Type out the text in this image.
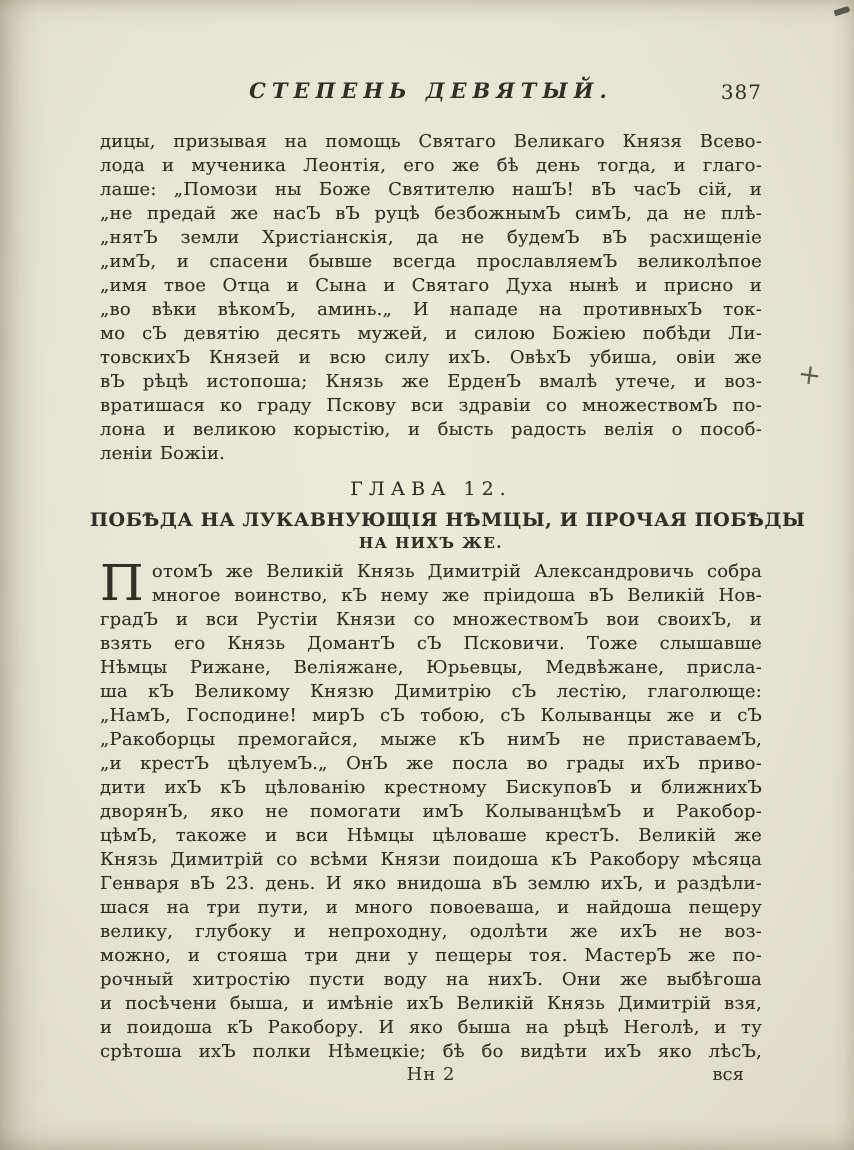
СТЕПЕНЬ ДЕВЯТЫЙ.	387
дицы, призывая на помощь Святаго Великаго Князя Всево-
лода и мученика Леонтія, его же бѣ день тогда, и глаго-
лаше: „Помози ны Боже Святителю нашЪ! вЪ часЪ сій, и
„не предай же насЪ вЪ руцѣ безбожнымЪ симЪ, да не плѣ-
„нятЪ земли Христіанскія, да не будемЪ вЪ расхищеніе
„имЪ, и спасени бывше всегда прославляемЪ великолѣпое
„имя твое Отца и Сына и Святаго Духа нынѣ и присно и
„во вѣки вѣкомЪ, аминь.„ И нападе на противныхЪ ток-
мо сЪ девятію десять мужей, и силою Божіею побѣди Ли-
товскихЪ Князей и всю силу ихЪ. ОвѣхЪ убиша, овіи же
вЪ рѣцѣ истопоша; Князь же ЕрденЪ вмалѣ утече, и воз-
вратишася ко граду Пскову вси здравіи со множествомЪ по-
лона и великою корыстію, и бысть радость велія о пособ-
леніи Божіи.
+
ГЛАВА 12.
ПОБѢДА НА ЛУКАВНУЮЩІЯ НѢМЦЫ, И ПРОЧАЯ ПОБѢДЫ
НА НИХЪ ЖЕ.
П отомЪ же Великій Князь Димитрій Александровичь собра
многое воинство, кЪ нему же пріидоша вЪ Великій Нов-
градЪ и вси Рустіи Князи со множествомЪ вои своихЪ, и
взять его Князь ДомантЪ сЪ Псковичи. Тоже слышавше
Нѣмцы Рижане, Веліяжане, Юрьевцы, Медвѣжане, присла-
ша кЪ Великому Князю Димитрію сЪ лестію, глаголюще:
„НамЪ, Господине! мирЪ сЪ тобою, сЪ Колыванцы же и сЪ
„Ракоборцы премогайся, мыже кЪ нимЪ не приставаемЪ,
„и крестЪ цѣлуемЪ.„ ОнЪ же посла во грады ихЪ приво-
дити ихЪ кЪ цѣлованію крестному БискуповЪ и ближнихЪ
дворянЪ, яко не помогати имЪ КолыванцѣмЪ и Ракобор-
цѣмЪ, такоже и вси Нѣмцы цѣловаше крестЪ. Великій же
Князь Димитрій со всѣми Князи поидоша кЪ Ракобору мѣсяца
Генваря вЪ 23. день. И яко внидоша вЪ землю ихЪ, и раздѣли-
шася на три пути, и много повоеваша, и найдоша пещеру
велику, глубоку и непроходну, одолѣти же ихЪ не воз-
можно, и стояша три дни у пещеры тоя. МастерЪ же по-
рочный хитростію пусти воду на нихЪ. Они же выбѣгоша
и посѣчени быша, и имѣніе ихЪ Великій Князь Димитрій взя,
и поидоша кЪ Ракобору. И яко быша на рѣцѣ Неголѣ, и ту
срѣтоша ихЪ полки Нѣмецкіе; бѣ бо видѣти ихЪ яко лѣсЪ,
Нн 2	вся
